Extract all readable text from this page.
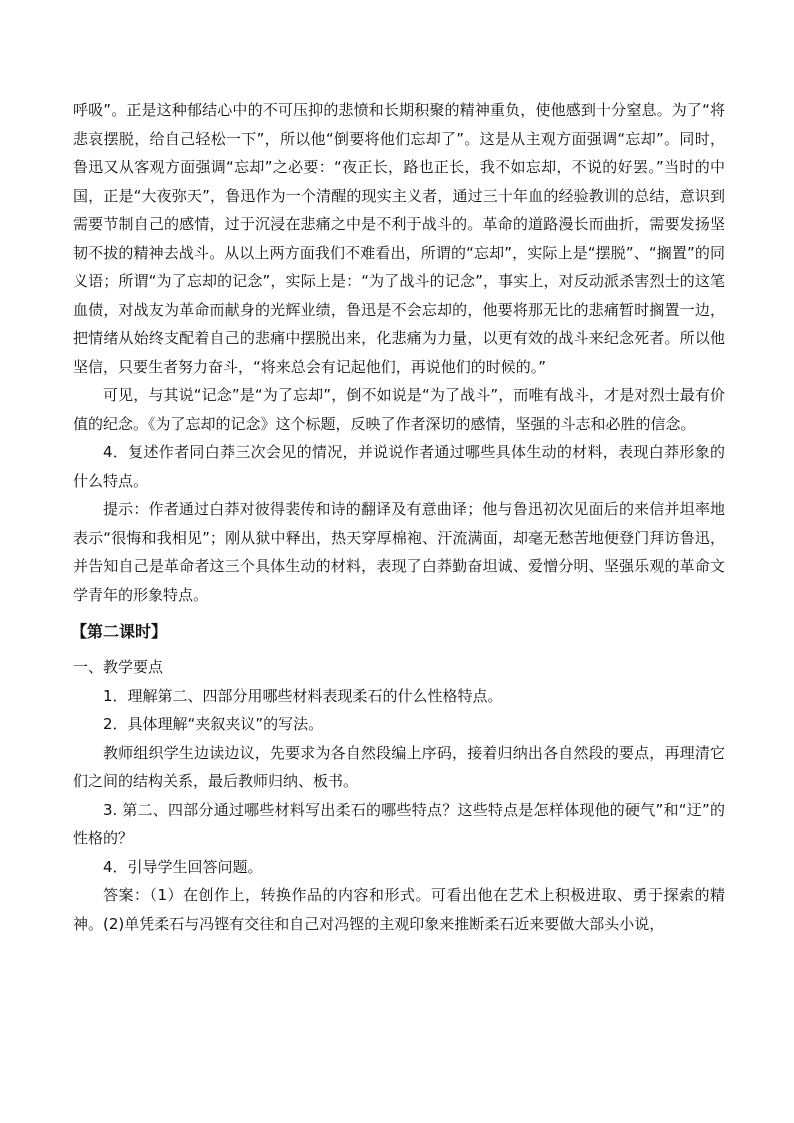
呼吸”。正是这种郁结心中的不可压抑的悲愤和长期积聚的精神重负，使他感到十分窒息。为了“将悲哀摆脱，给自己轻松一下”，所以他“倒要将他们忘却了”。这是从主观方面强调“忘却”。同时，鲁迅又从客观方面强调“忘却”之必要：“夜正长，路也正长，我不如忘却，不说的好罢。”当时的中国，正是“大夜弥天”，鲁迅作为一个清醒的现实主义者，通过三十年血的经验教训的总结，意识到需要节制自己的感情，过于沉浸在悲痛之中是不利于战斗的。革命的道路漫长而曲折，需要发扬坚韧不拔的精神去战斗。从以上两方面我们不难看出，所谓的“忘却”，实际上是“摆脱”、“搁置”的同义语；所谓“为了忘却的记念”，实际上是：“为了战斗的记念”，事实上，对反动派杀害烈士的这笔血债，对战友为革命而献身的光辉业绩，鲁迅是不会忘却的，他要将那无比的悲痛暂时搁置一边，把情绪从始终支配着自己的悲痛中摆脱出来，化悲痛为力量，以更有效的战斗来纪念死者。所以他坚信，只要生者努力奋斗，“将来总会有记起他们，再说他们的时候的。”

可见，与其说“记念”是“为了忘却”，倒不如说是“为了战斗”，而唯有战斗，才是对烈士最有价值的纪念。《为了忘却的记念》这个标题，反映了作者深切的感情，坚强的斗志和必胜的信念。

4．复述作者同白莽三次会见的情况，并说说作者通过哪些具体生动的材料，表现白莽形象的什么特点。

提示：作者通过白莽对彼得裴传和诗的翻译及有意曲译；他与鲁迅初次见面后的来信并坦率地表示“很悔和我相见”；刚从狱中释出，热天穿厚棉袍、汗流满面，却毫无愁苦地便登门拜访鲁迅，并告知自己是革命者这三个具体生动的材料，表现了白莽勤奋坦诚、爱憎分明、坚强乐观的革命文学青年的形象特点。

【第二课时】

一、教学要点

1．理解第二、四部分用哪些材料表现柔石的什么性格特点。

2．具体理解“夹叙夹议”的写法。

教师组织学生边读边议，先要求为各自然段编上序码，接着归纳出各自然段的要点，再理清它们之间的结构关系，最后教师归纳、板书。

3. 第二、四部分通过哪些材料写出柔石的哪些特点？这些特点是怎样体现他的硬气”和“迂”的性格的？

4．引导学生回答问题。

答案：（1）在创作上，转换作品的内容和形式。可看出他在艺术上积极进取、勇于探索的精神。(2)单凭柔石与冯铿有交往和自己对冯铿的主观印象来推断柔石近来要做大部头小说，
